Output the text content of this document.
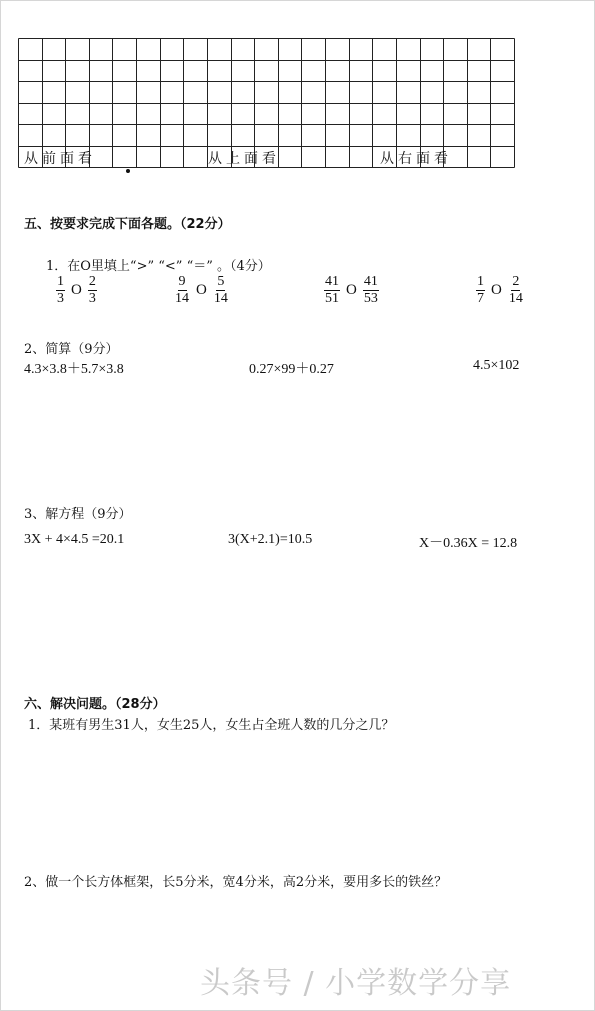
从前面看	从上面看	从右面看
五、按要求完成下面各题。（22分）
1．在O里填上“>” “<” “＝” 。（4分）
1
3
O
2
3
9
14
O
5
14
41
51
O
41
53
1
7
O
2
14
2、简算（9分）
4.3×3.8＋5.7×3.8	0.27×99＋0.27	4.5×102
3、解方程（9分）
3X + 4×4.5 =20.1	3(X+2.1)=10.5	X－0.36X = 12.8
六、解决问题。（28分）
1．某班有男生31人，女生25人，女生占全班人数的几分之几？
2、做一个长方体框架，长5分米，宽4分米，高2分米，要用多长的铁丝？
头条号 / 小学数学分享
